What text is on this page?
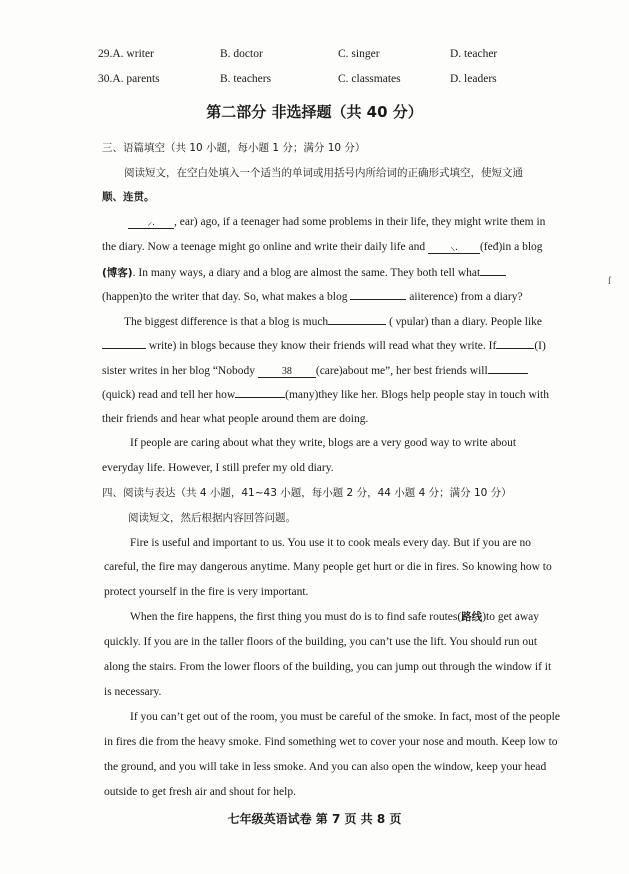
29.A. writer	B. doctor	C. singer	D. teacher
30.A. parents	B. teachers	C. classmates	D. leaders
第二部分 非选择题（共 40 分）
三、语篇填空（共 10 小题，每小题 1 分；满分 10 分）
阅读短文，在空白处填入一个适当的单词或用括号内所给词的正确形式填空，使短文通
顺、连贯。
⸝. , ear) ago, if a teenager had some problems in their life, they might write them in
the diary. Now a teenage might go online and write their daily life and	⸜. (feđ)in a blog
(博客). In many ways, a diary and a blog are almost the same. They both tell what
(happen)to the writer that day. So, what makes a blog	aiiterence) from a diary?
The biggest difference is that a blog is much	( νpular) than a diary. People like
write) in blogs because they know their friends will read what they write. If	(I)
sister writes in her blog “Nobody	38 (care)about me”, her best friends will
(quick) read and tell her how	(many)they like her. Blogs help people stay in touch with
their friends and hear what people around them are doing.
If people are caring about what they write, blogs are a very good way to write about
everyday life. However, I still prefer my old diary.
四、阅读与表达（共 4 小题，41~43 小题，每小题 2 分，44 小题 4 分；满分 10 分）
阅读短文，然后根据内容回答问题。
Fire is useful and important to us. You use it to cook meals every day. But if you are no
careful, the fire may dangerous anytime. Many people get hurt or die in fires. So knowing how to
protect yourself in the fire is very important.
When the fire happens, the first thing you must do is to find safe routes(路线)to get away
quickly. If you are in the taller floors of the building, you can’t use the lift. You should run out
along the stairs. From the lower floors of the building, you can jump out through the window if it
is necessary.
If you can’t get out of the room, you must be careful of the smoke. In fact, most of the people
in fires die from the heavy smoke. Find something wet to cover your nose and mouth. Keep low to
the ground, and you will take in less smoke. And you can also open the window, keep your head
outside to get fresh air and shout for help.
七年级英语试卷 第 7 页 共 8 页
ſ
